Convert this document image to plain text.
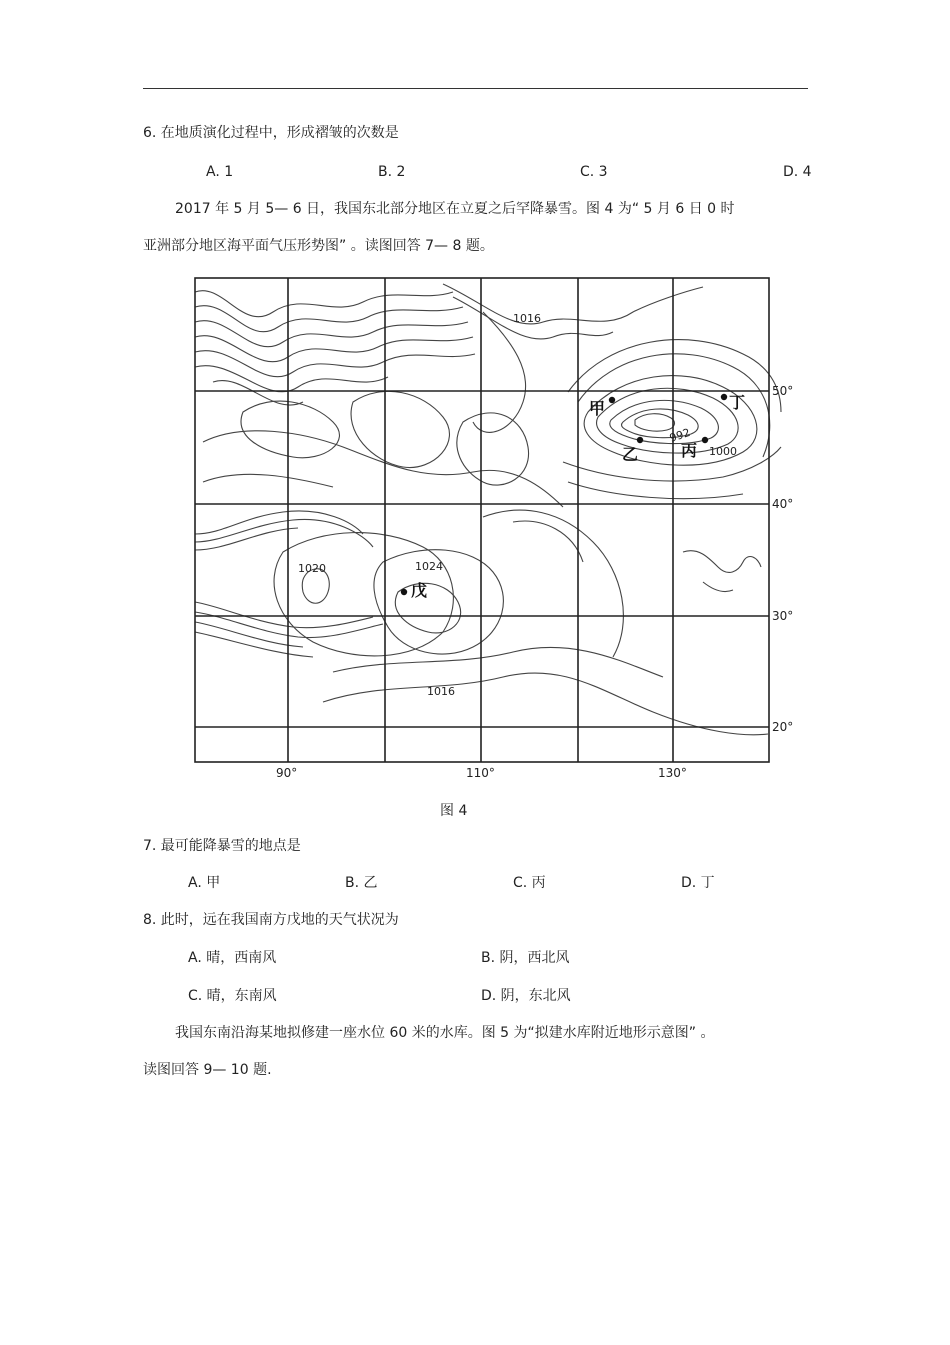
6. 在地质演化过程中，形成褶皱的次数是
A. 1	B. 2	C. 3	D. 4
2017 年 5 月 5— 6 日，我国东北部分地区在立夏之后罕降暴雪。图 4 为“ 5 月 6 日 0 时
亚洲部分地区海平面气压形势图” 。读图回答 7— 8 题。
1016
992
1000
1020	1024
1016
甲
乙	丙
丁
戊
50°
40°
30°
20°
90°	110°	130°
图 4
7. 最可能降暴雪的地点是
A. 甲	B. 乙	C. 丙	D. 丁
8. 此时，远在我国南方戊地的天气状况为
A. 晴，西南风	B. 阴，西北风
C. 晴，东南风	D. 阴，东北风
我国东南沿海某地拟修建一座水位 60 米的水库。图 5 为“拟建水库附近地形示意图” 。
读图回答 9— 10 题.
